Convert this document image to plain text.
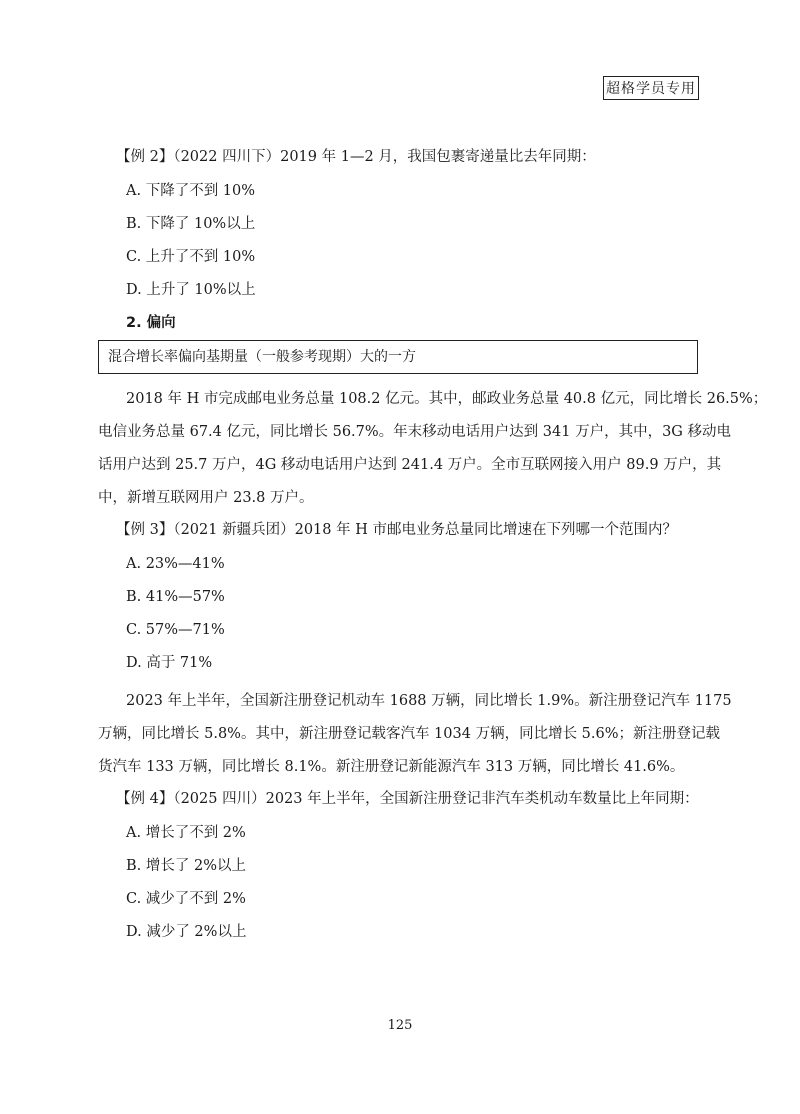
超格学员专用
【例 2】（2022 四川下）2019 年 1—2 月，我国包裹寄递量比去年同期：
A. 下降了不到 10%
B. 下降了 10%以上
C. 上升了不到 10%
D. 上升了 10%以上
2. 偏向
混合增长率偏向基期量（一般参考现期）大的一方
2018 年 H 市完成邮电业务总量 108.2 亿元。其中，邮政业务总量 40.8 亿元，同比增长 26.5%；
电信业务总量 67.4 亿元，同比增长 56.7%。年末移动电话用户达到 341 万户，其中，3G 移动电
话用户达到 25.7 万户，4G 移动电话用户达到 241.4 万户。全市互联网接入用户 89.9 万户，其
中，新增互联网用户 23.8 万户。
【例 3】（2021 新疆兵团）2018 年 H 市邮电业务总量同比增速在下列哪一个范围内？
A. 23%—41%
B. 41%—57%
C. 57%—71%
D. 高于 71%
2023 年上半年，全国新注册登记机动车 1688 万辆，同比增长 1.9%。新注册登记汽车 1175
万辆，同比增长 5.8%。其中，新注册登记载客汽车 1034 万辆，同比增长 5.6%；新注册登记载
货汽车 133 万辆，同比增长 8.1%。新注册登记新能源汽车 313 万辆，同比增长 41.6%。
【例 4】（2025 四川）2023 年上半年，全国新注册登记非汽车类机动车数量比上年同期：
A. 增长了不到 2%
B. 增长了 2%以上
C. 减少了不到 2%
D. 减少了 2%以上
125
